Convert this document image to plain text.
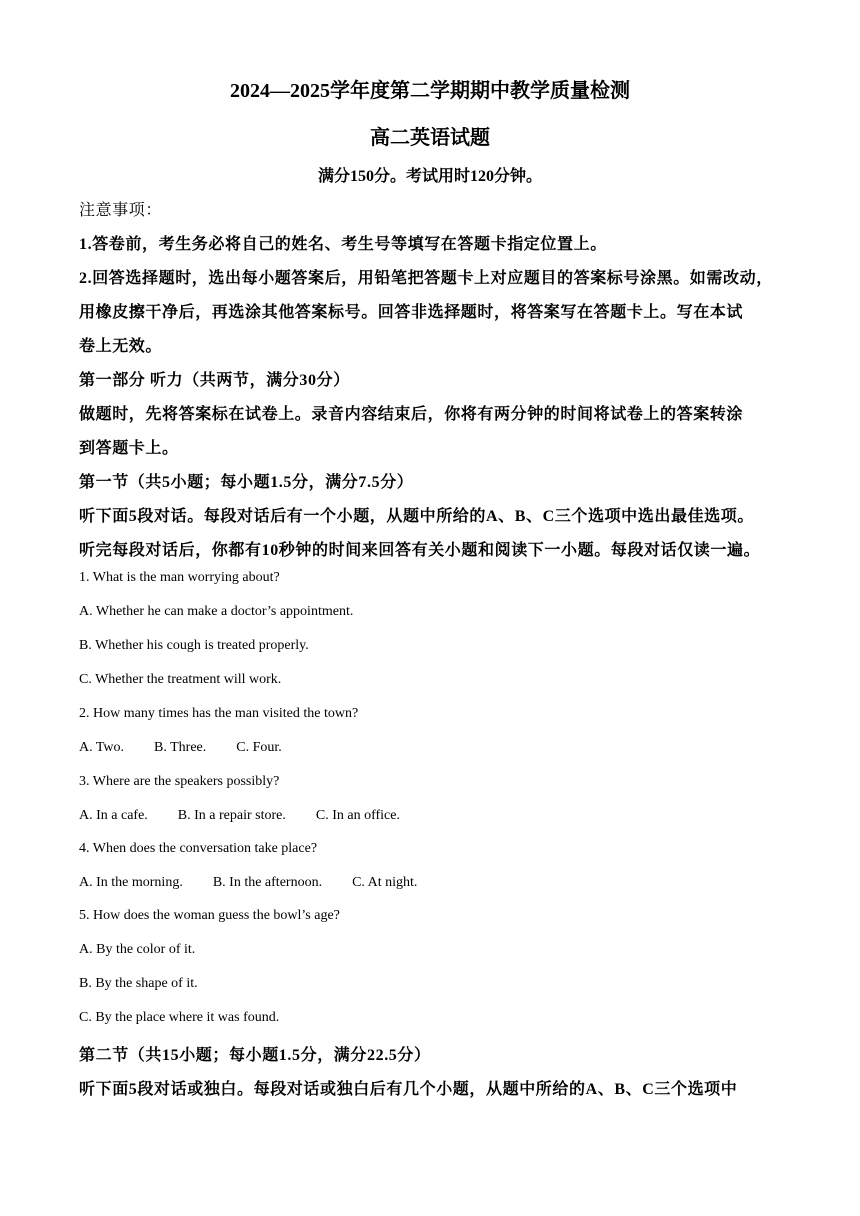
2024—2025学年度第二学期期中教学质量检测
高二英语试题
满分150分。考试用时120分钟。
注意事项：
1.答卷前，考生务必将自己的姓名、考生号等填写在答题卡指定位置上。
2.回答选择题时，选出每小题答案后，用铅笔把答题卡上对应题目的答案标号涂黑。如需改动，
用橡皮擦干净后，再选涂其他答案标号。回答非选择题时，将答案写在答题卡上。写在本试
卷上无效。
第一部分 听力（共两节，满分30分）
做题时，先将答案标在试卷上。录音内容结束后，你将有两分钟的时间将试卷上的答案转涂
到答题卡上。
第一节（共5小题；每小题1.5分，满分7.5分）
听下面5段对话。每段对话后有一个小题，从题中所给的A、B、C三个选项中选出最佳选项。
听完每段对话后，你都有10秒钟的时间来回答有关小题和阅读下一小题。每段对话仅读一遍。
1. What is the man worrying about?
A. Whether he can make a doctor’s appointment.
B. Whether his cough is treated properly.
C. Whether the treatment will work.
2. How many times has the man visited the town?
A. Two. B. Three. C. Four.
3. Where are the speakers possibly?
A. In a cafe. B. In a repair store. C. In an office.
4. When does the conversation take place?
A. In the morning. B. In the afternoon. C. At night.
5. How does the woman guess the bowl’s age?
A. By the color of it.
B. By the shape of it.
C. By the place where it was found.
第二节（共15小题；每小题1.5分，满分22.5分）
听下面5段对话或独白。每段对话或独白后有几个小题，从题中所给的A、B、C三个选项中
